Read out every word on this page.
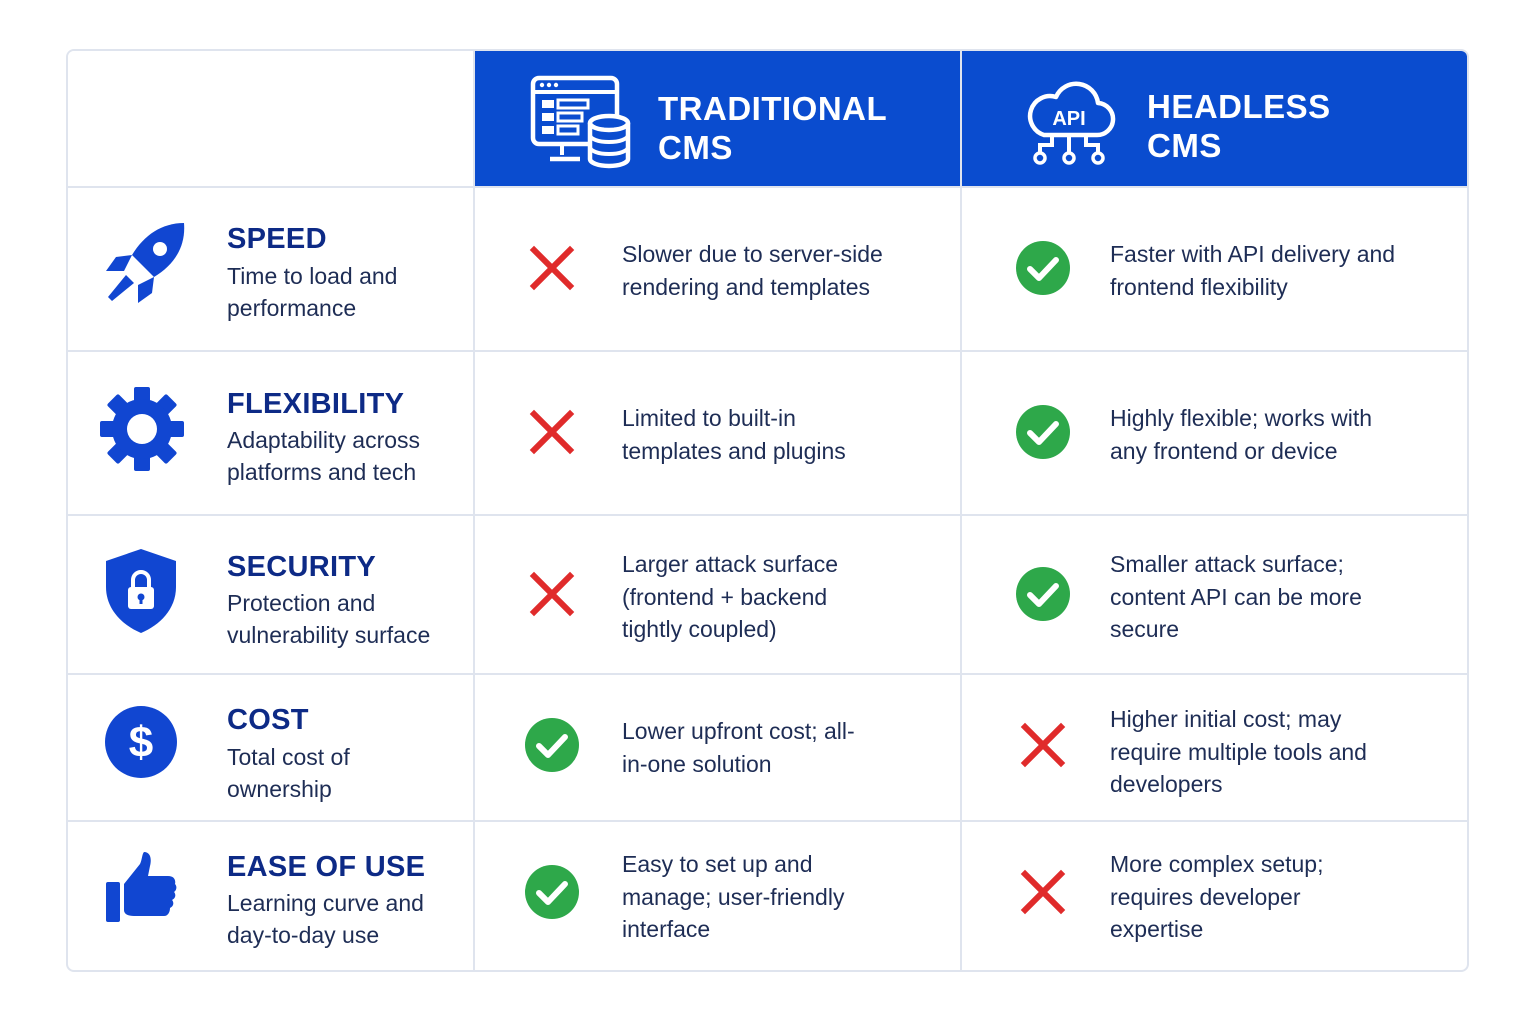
TRADITIONAL
CMS
API HEADLESS
CMS
SPEED
Time to load and performance
Slower due to server-side rendering and templates
Faster with API delivery and frontend flexibility
FLEXIBILITY
Adaptability across platforms and tech
Limited to built-in templates and plugins
Highly flexible; works with any frontend or device
SECURITY
Protection and vulnerability surface
Larger attack surface (frontend + backend tightly coupled)
Smaller attack surface; content API can be more secure
$	COST
Total cost of ownership
Lower upfront cost; all-in-one solution
Higher initial cost; may require multiple tools and developers
EASE OF USE
Learning curve and day-to-day use
Easy to set up and manage; user-friendly interface
More complex setup; requires developer expertise
